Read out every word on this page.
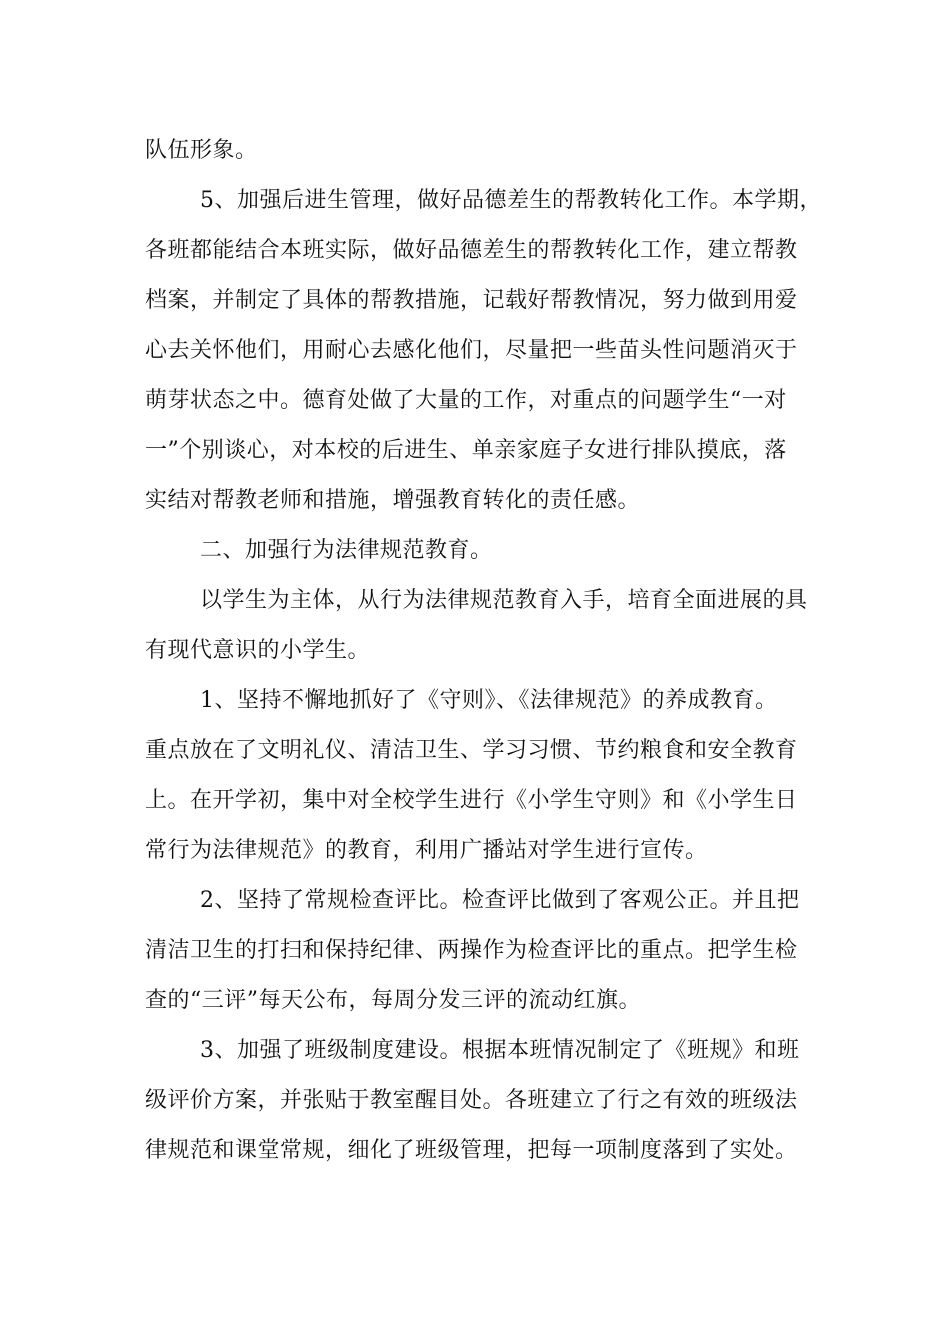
队伍形象。
5、加强后进生管理，做好品德差生的帮教转化工作。本学期，
各班都能结合本班实际，做好品德差生的帮教转化工作，建立帮教
档案，并制定了具体的帮教措施，记载好帮教情况，努力做到用爱
心去关怀他们，用耐心去感化他们，尽量把一些苗头性问题消灭于
萌芽状态之中。德育处做了大量的工作，对重点的问题学生“一对
一”个别谈心，对本校的后进生、单亲家庭子女进行排队摸底，落
实结对帮教老师和措施，增强教育转化的责任感。
二、加强行为法律规范教育。
以学生为主体，从行为法律规范教育入手，培育全面进展的具
有现代意识的小学生。
1、坚持不懈地抓好了《守则》、《法律规范》的养成教育。
重点放在了文明礼仪、清洁卫生、学习习惯、节约粮食和安全教育
上。在开学初，集中对全校学生进行《小学生守则》和《小学生日
常行为法律规范》的教育，利用广播站对学生进行宣传。
2、坚持了常规检查评比。检查评比做到了客观公正。并且把
清洁卫生的打扫和保持纪律、两操作为检查评比的重点。把学生检
查的“三评”每天公布，每周分发三评的流动红旗。
3、加强了班级制度建设。根据本班情况制定了《班规》和班
级评价方案，并张贴于教室醒目处。各班建立了行之有效的班级法
律规范和课堂常规，细化了班级管理，把每一项制度落到了实处。
